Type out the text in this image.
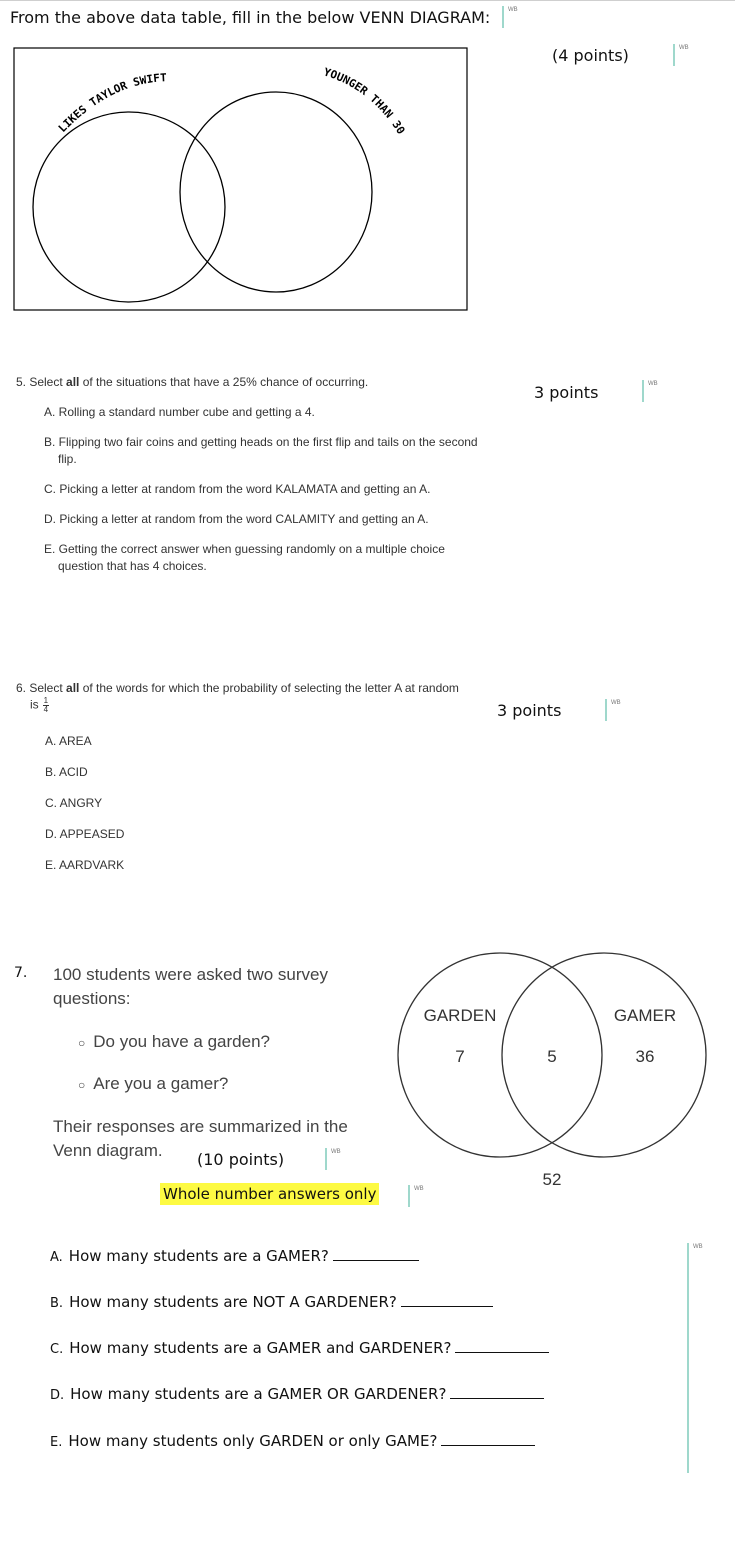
From the above data table, fill in the below VENN DIAGRAM:	WB
(4 points)	WB
LIKES TAYLOR SWIFT	YOUNGER THAN 30
5. Select all of the situations that have a 25% chance of occurring.
3 points	WB
A. Rolling a standard number cube and getting a 4.
B. Flipping two fair coins and getting heads on the first flip and tails on the second
flip.
C. Picking a letter at random from the word KALAMATA and getting an A.
D. Picking a letter at random from the word CALAMITY and getting an A.
E. Getting the correct answer when guessing randomly on a multiple choice
question that has 4 choices.
6. Select all of the words for which the probability of selecting the letter A at random
is $\frac{1}{4}$	3 points	WB
A. AREA
B. ACID
C. ANGRY
D. APPEASED
E. AARDVARK
7. 100 students were asked two survey
questions:
○ Do you have a garden?
○ Are you a gamer?
Their responses are summarized in the
Venn diagram. (10 points)	WB
Whole number answers only	WB
GARDEN	GAMER
7	5	36
52
A. How many students are a GAMER?
B. How many students are NOT A GARDENER?
C. How many students are a GAMER and GARDENER?
D. How many students are a GAMER OR GARDENER?
E. How many students only GARDEN or only GAME?
WB
